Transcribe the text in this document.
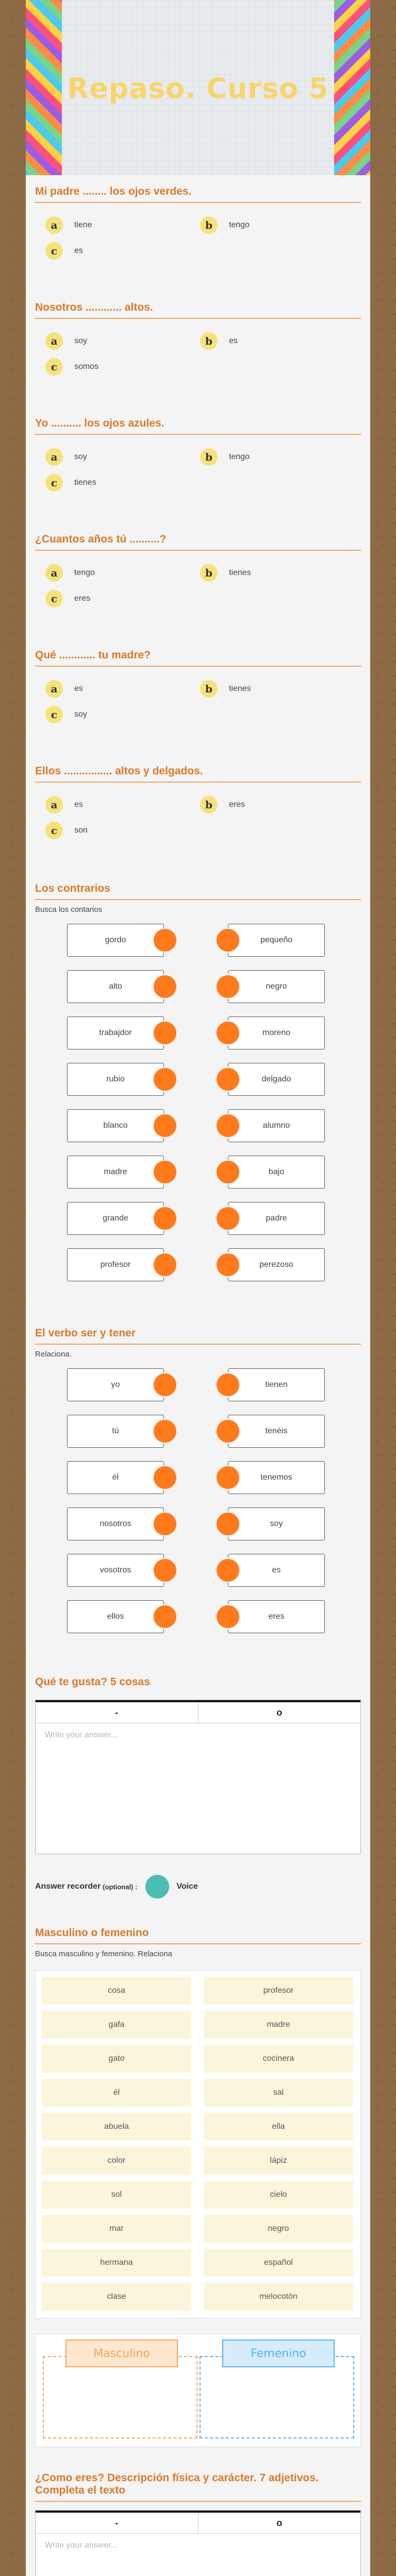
Repaso. Curso 5
Mi padre ........ los ojos verdes.
a	tiene	b	tengo
c	es
Nosotros ............ altos.
a	soy	b	es
c	somos
Yo .......... los ojos azules.
a	soy	b	tengo
c	tienes
¿Cuantos años tú ..........?
a	tengo	b	tienes
c	eres
Qué ............ tu madre?
a	es	b	tienes
c	soy
Ellos ................ altos y delgados.
a	es	b	eres
c	son
Los contrarios
Busca los contarios
gordo
alto
trabajdor
rubio
blanco
madre
grande
profesor
pequeño
negro
moreno
delgado
alumno
bajo
padre
perezoso
El verbo ser y tener
Relaciona.
yo
tú
él
nosotros
vosotros
ellos
tienen
tenéis
tenemos
soy
es
eres
Qué te gusta? 5 cosas
-	o
Write your answer...
Answer recorder (optional) :	Voice
¿Como eres? Descripción física y carácter. 7 adjetivos.
Completa el texto
-	o
Write your answer...
Masculino o femenino
Busca masculino y femenino. Relaciona
cosa
gafa
gato
él
abuela
color
sol
mar
hermana
clase
profesor
madre
cocinera
sal
ella
lápiz
cielo
negro
español
melocotón
Masculino	Femenino
